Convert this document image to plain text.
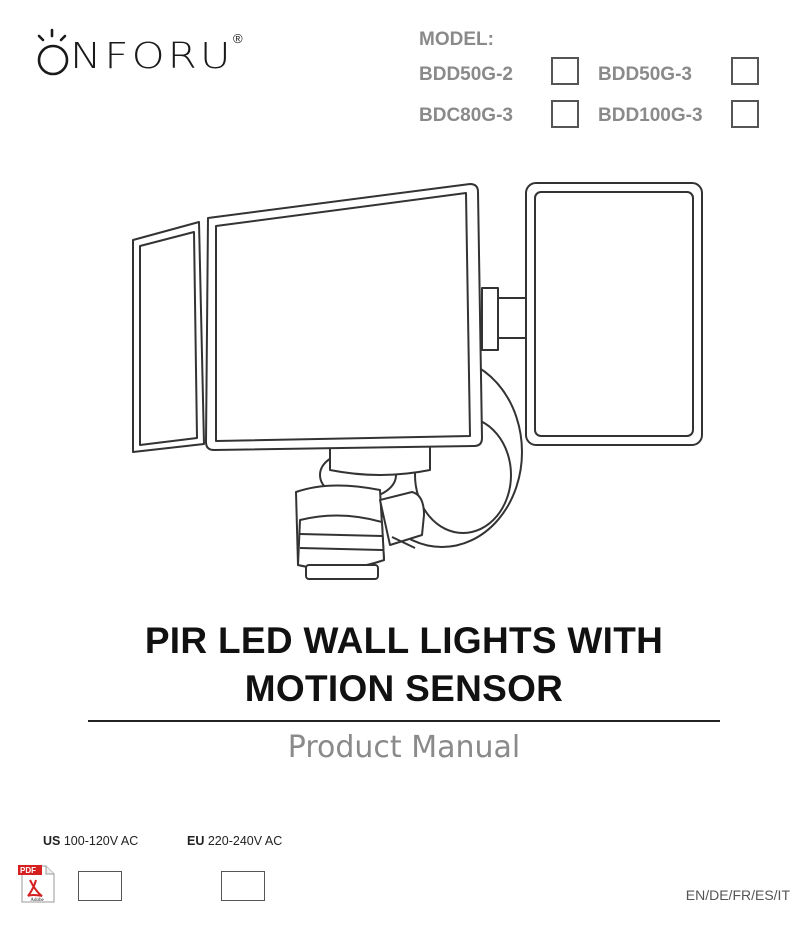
NFORU ®	MODEL:
BDD50G-2	BDD50G-3
BDC80G-3	BDD100G-3
PIR LED WALL LIGHTS WITH
MOTION SENSOR
Product Manual
US 100-120V AC	EU 220-240V AC
PDF
Adobe	EN/DE/FR/ES/IT
